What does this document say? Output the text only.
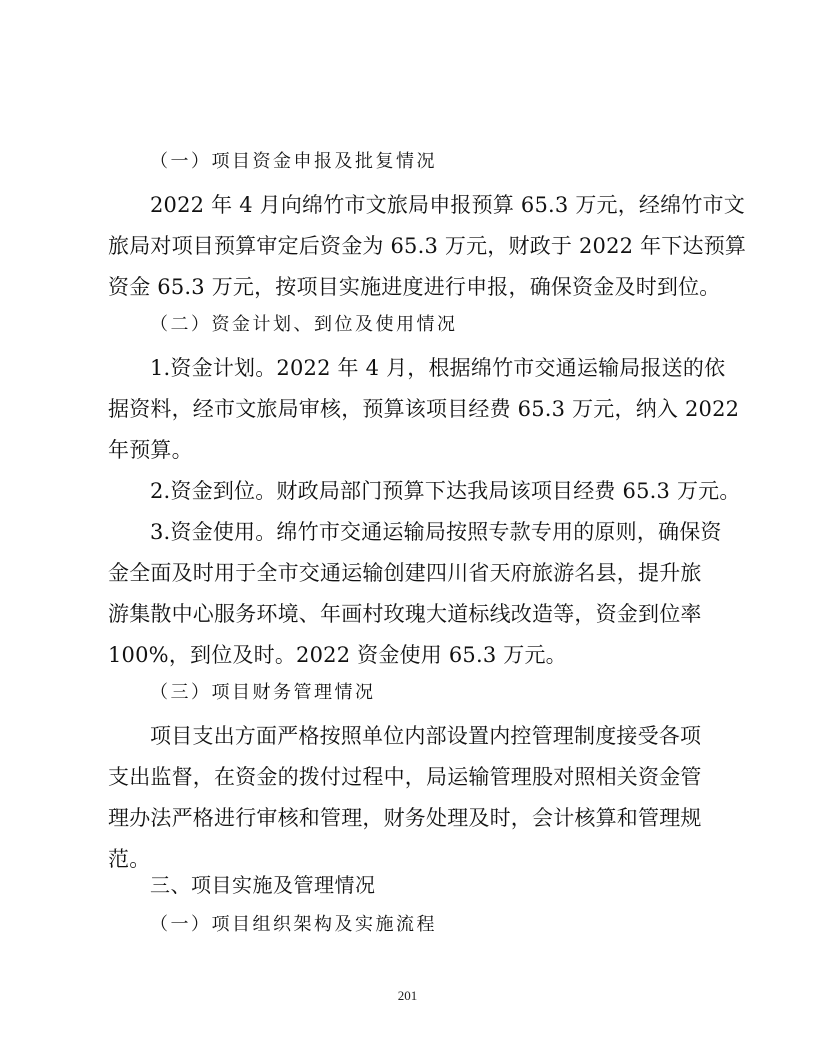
（一）项目资金申报及批复情况
2022 年 4 月向绵竹市文旅局申报预算 65.3 万元，经绵竹市文
旅局对项目预算审定后资金为 65.3 万元，财政于 2022 年下达预算
资金 65.3 万元，按项目实施进度进行申报，确保资金及时到位。
（二）资金计划、到位及使用情况
1.资金计划。2022 年 4 月，根据绵竹市交通运输局报送的依
据资料，经市文旅局审核，预算该项目经费 65.3 万元，纳入 2022
年预算。
2.资金到位。财政局部门预算下达我局该项目经费 65.3 万元。
3.资金使用。绵竹市交通运输局按照专款专用的原则，确保资
金全面及时用于全市交通运输创建四川省天府旅游名县，提升旅
游集散中心服务环境、年画村玫瑰大道标线改造等，资金到位率
100%，到位及时。2022 资金使用 65.3 万元。
（三）项目财务管理情况
项目支出方面严格按照单位内部设置内控管理制度接受各项
支出监督，在资金的拨付过程中，局运输管理股对照相关资金管
理办法严格进行审核和管理，财务处理及时，会计核算和管理规
范。
三、项目实施及管理情况
（一）项目组织架构及实施流程
201
